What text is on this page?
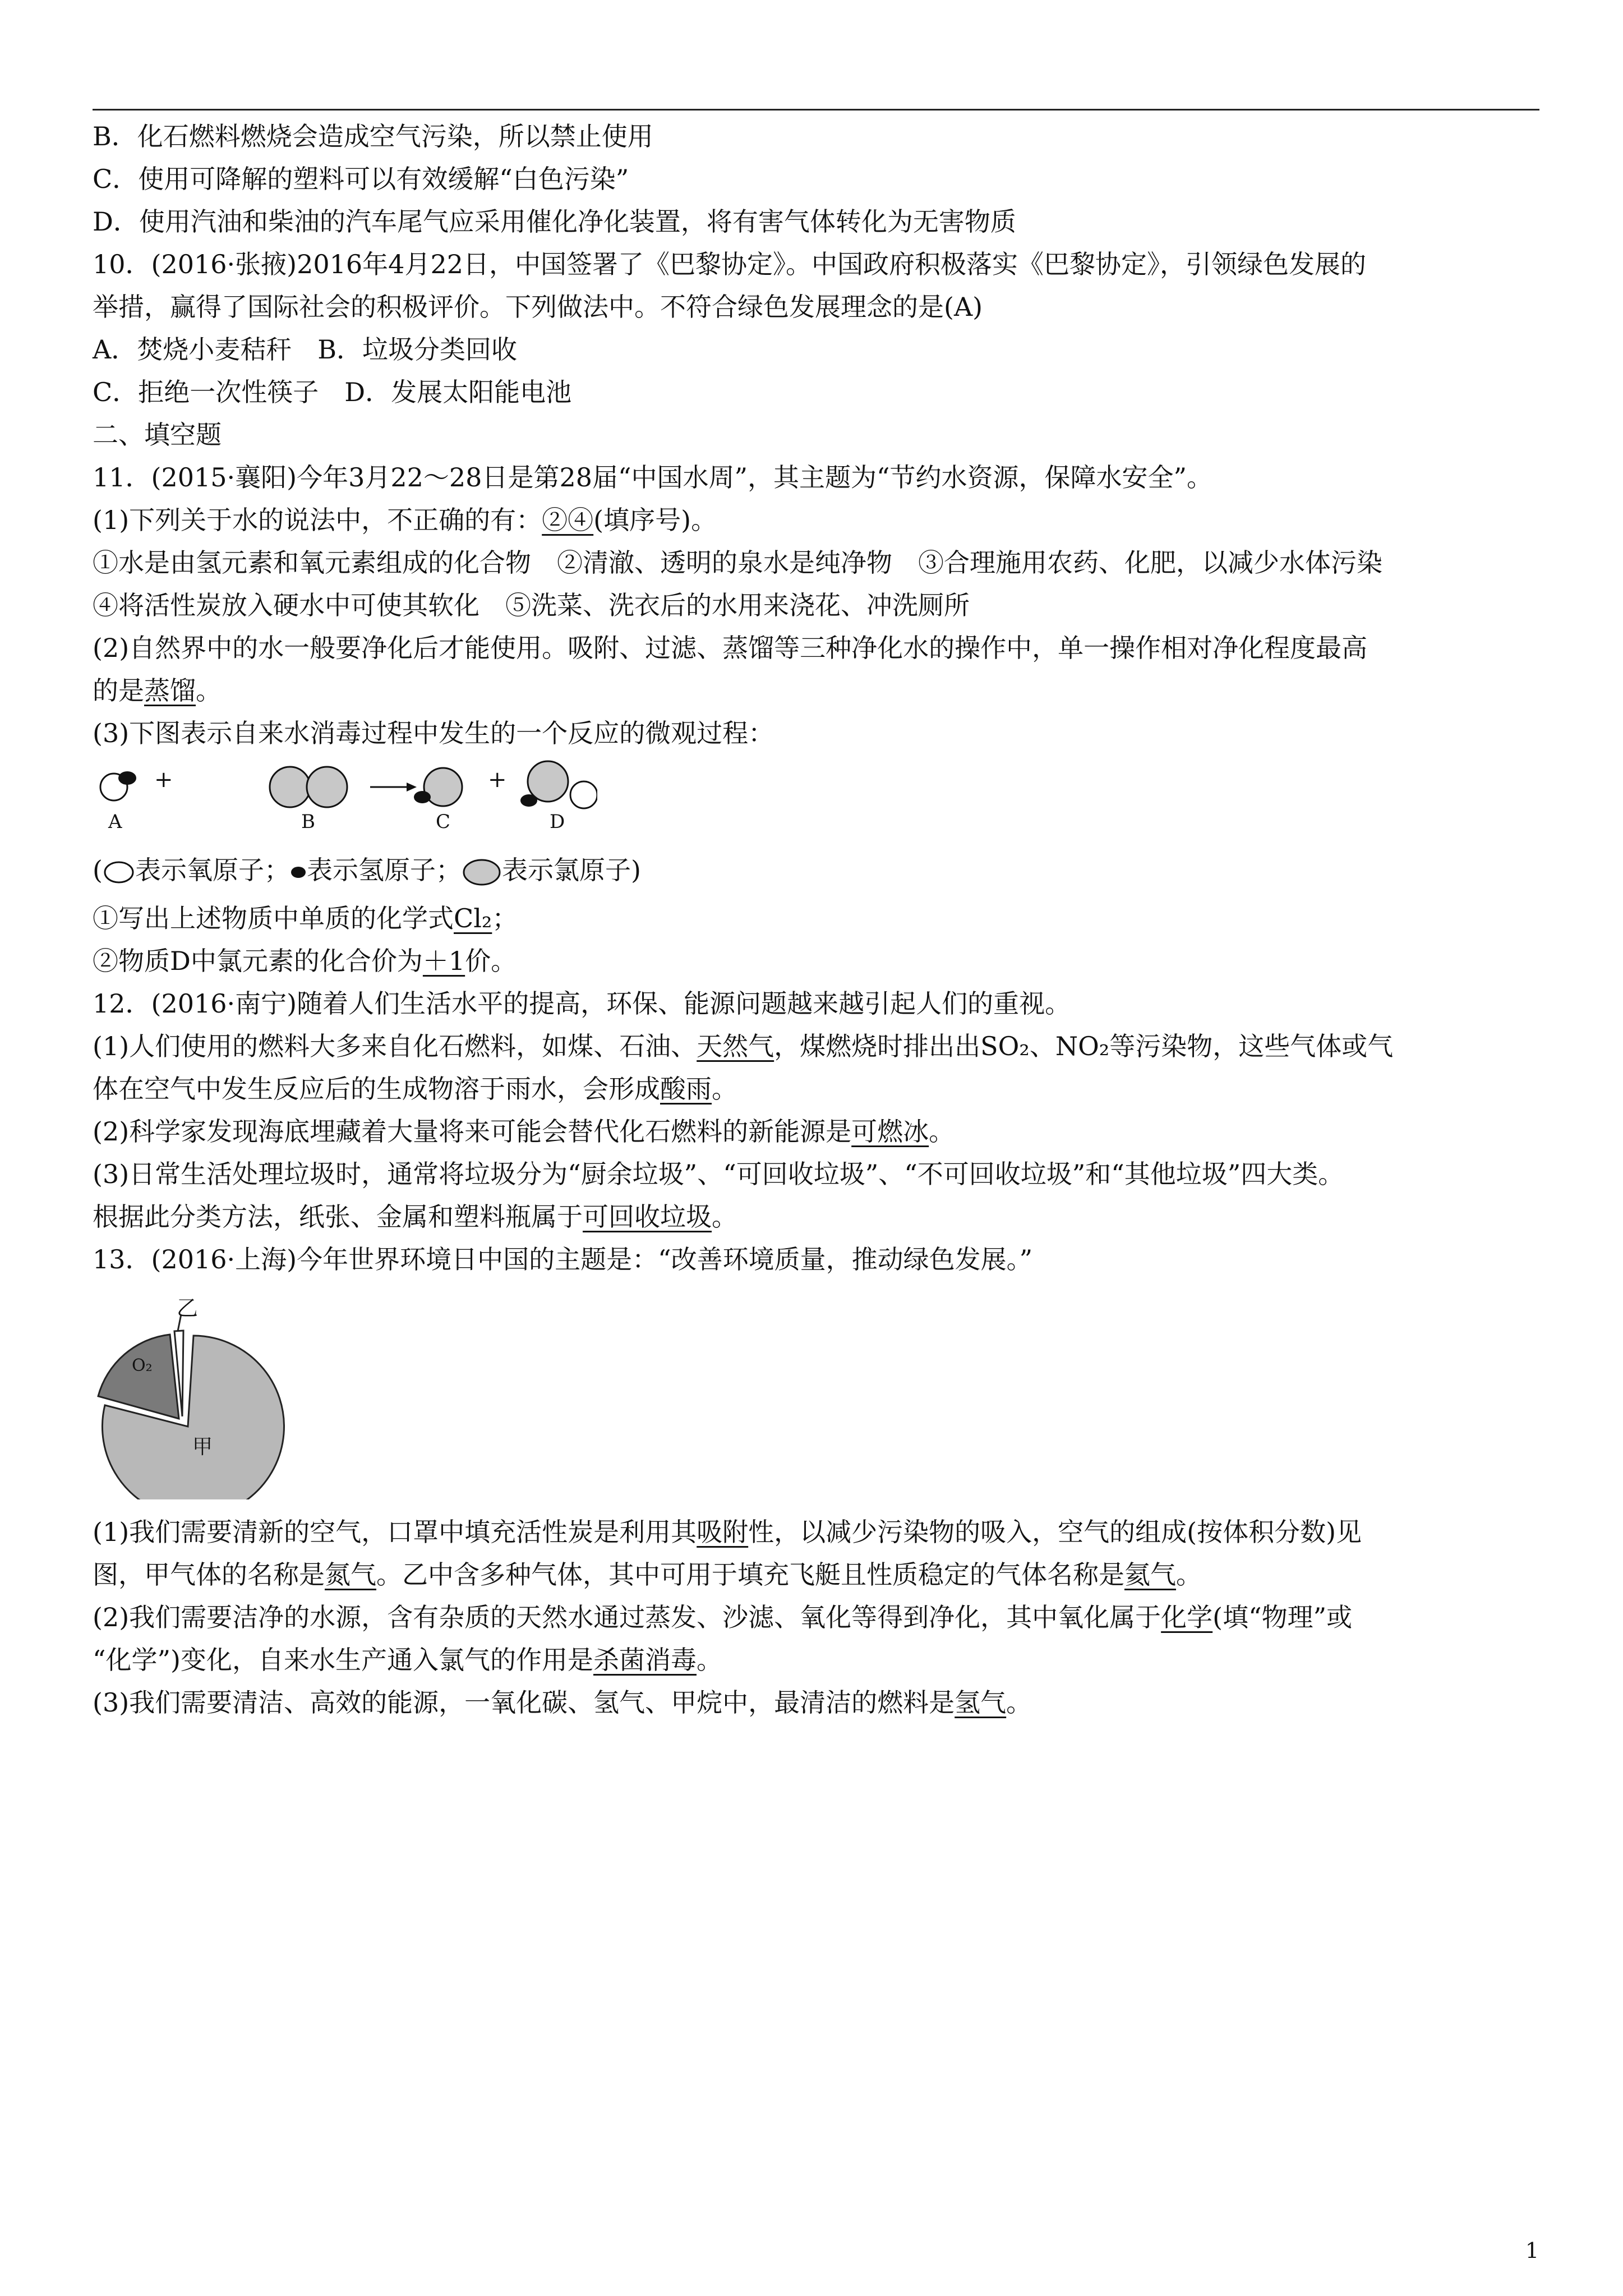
B．化石燃料燃烧会造成空气污染，所以禁止使用
C．使用可降解的塑料可以有效缓解“白色污染”
D．使用汽油和柴油的汽车尾气应采用催化净化装置，将有害气体转化为无害物质
10．(2016·张掖)2016年4月22日，中国签署了《巴黎协定》。中国政府积极落实《巴黎协定》，引领绿色发展的
举措，赢得了国际社会的积极评价。下列做法中。不符合绿色发展理念的是(A)
A．焚烧小麦秸秆　B．垃圾分类回收
C．拒绝一次性筷子　D．发展太阳能电池
二、填空题
11．(2015·襄阳)今年3月22～28日是第28届“中国水周”，其主题为“节约水资源，保障水安全”。
(1)下列关于水的说法中，不正确的有：②④(填序号)。
①水是由氢元素和氧元素组成的化合物　②清澈、透明的泉水是纯净物　③合理施用农药、化肥，以减少水体污染
④将活性炭放入硬水中可使其软化　⑤洗菜、洗衣后的水用来浇花、冲洗厕所
(2)自然界中的水一般要净化后才能使用。吸附、过滤、蒸馏等三种净化水的操作中，单一操作相对净化程度最高
的是蒸馏。
(3)下图表示自来水消毒过程中发生的一个反应的微观过程：
+	+
A	B	C	D
( 表示氧原子； 表示氢原子； 表示氯原子)
①写出上述物质中单质的化学式Cl₂；
②物质D中氯元素的化合价为＋1价。
12．(2016·南宁)随着人们生活水平的提高，环保、能源问题越来越引起人们的重视。
(1)人们使用的燃料大多来自化石燃料，如煤、石油、天然气，煤燃烧时排出出SO₂、NO₂等污染物，这些气体或气
体在空气中发生反应后的生成物溶于雨水，会形成酸雨。
(2)科学家发现海底埋藏着大量将来可能会替代化石燃料的新能源是可燃冰。
(3)日常生活处理垃圾时，通常将垃圾分为“厨余垃圾”、“可回收垃圾”、“不可回收垃圾”和“其他垃圾”四大类。
根据此分类方法，纸张、金属和塑料瓶属于可回收垃圾。
13．(2016·上海)今年世界环境日中国的主题是：“改善环境质量，推动绿色发展。”
乙
O₂
甲
(1)我们需要清新的空气，口罩中填充活性炭是利用其吸附性，以减少污染物的吸入，空气的组成(按体积分数)见
图，甲气体的名称是氮气。乙中含多种气体，其中可用于填充飞艇且性质稳定的气体名称是氦气。
(2)我们需要洁净的水源，含有杂质的天然水通过蒸发、沙滤、氧化等得到净化，其中氧化属于化学(填“物理”或
“化学”)变化，自来水生产通入氯气的作用是杀菌消毒。
(3)我们需要清洁、高效的能源，一氧化碳、氢气、甲烷中，最清洁的燃料是氢气。
1
